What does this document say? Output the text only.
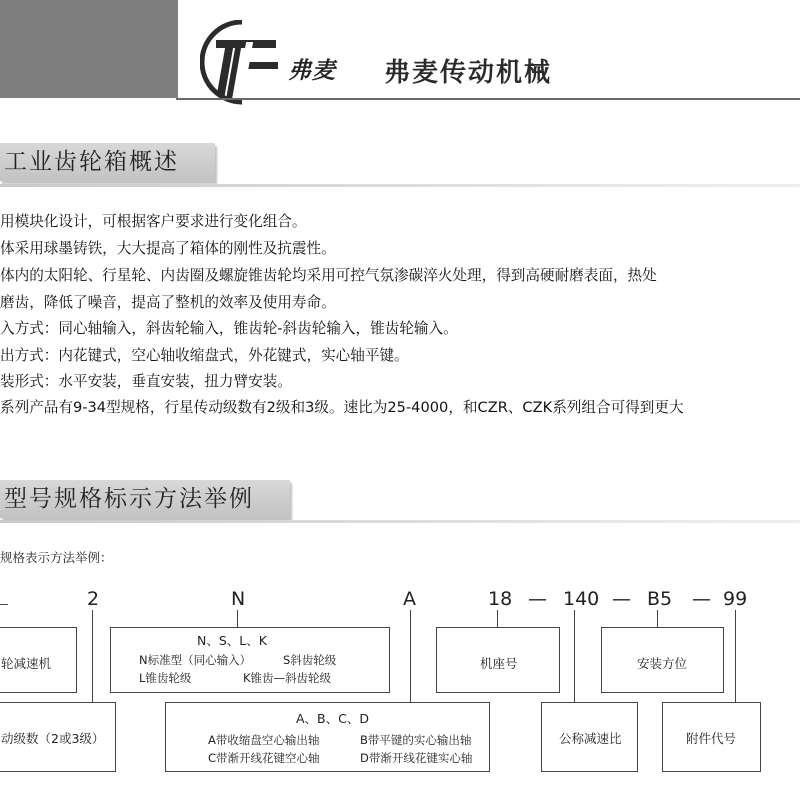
弗麦 弗麦传动机械
工业齿轮箱概述
用模块化设计，可根据客户要求进行变化组合。
体采用球墨铸铁，大大提高了箱体的刚性及抗震性。
体内的太阳轮、行星轮、内齿圈及螺旋锥齿轮均采用可控气氛渗碳淬火处理，得到高硬耐磨表面，热处
磨齿，降低了噪音，提高了整机的效率及使用寿命。
入方式：同心轴输入，斜齿轮输入，锥齿轮-斜齿轮输入，锥齿轮输入。
出方式：内花键式，空心轴收缩盘式，外花键式，实心轴平键。
装形式：水平安装，垂直安装，扭力臂安装。
系列产品有9-34型规格，行星传动级数有2级和3级。速比为25-4000，和CZR、CZK系列组合可得到更大
型号规格标示方法举例
规格表示方法举例：
2	N	A	18 — 140 — B5 — 99
轮减速机
动级数（2或3级）
N、S、L、K
N标准型（同心输入）	S斜齿轮级
L锥齿轮级	K锥齿—斜齿轮级
A、B、C、D
A带收缩盘空心输出轴	B带平键的实心输出轴
C带渐开线花键空心轴	D带渐开线花键实心轴
机座号
公称减速比
安装方位
附件代号
